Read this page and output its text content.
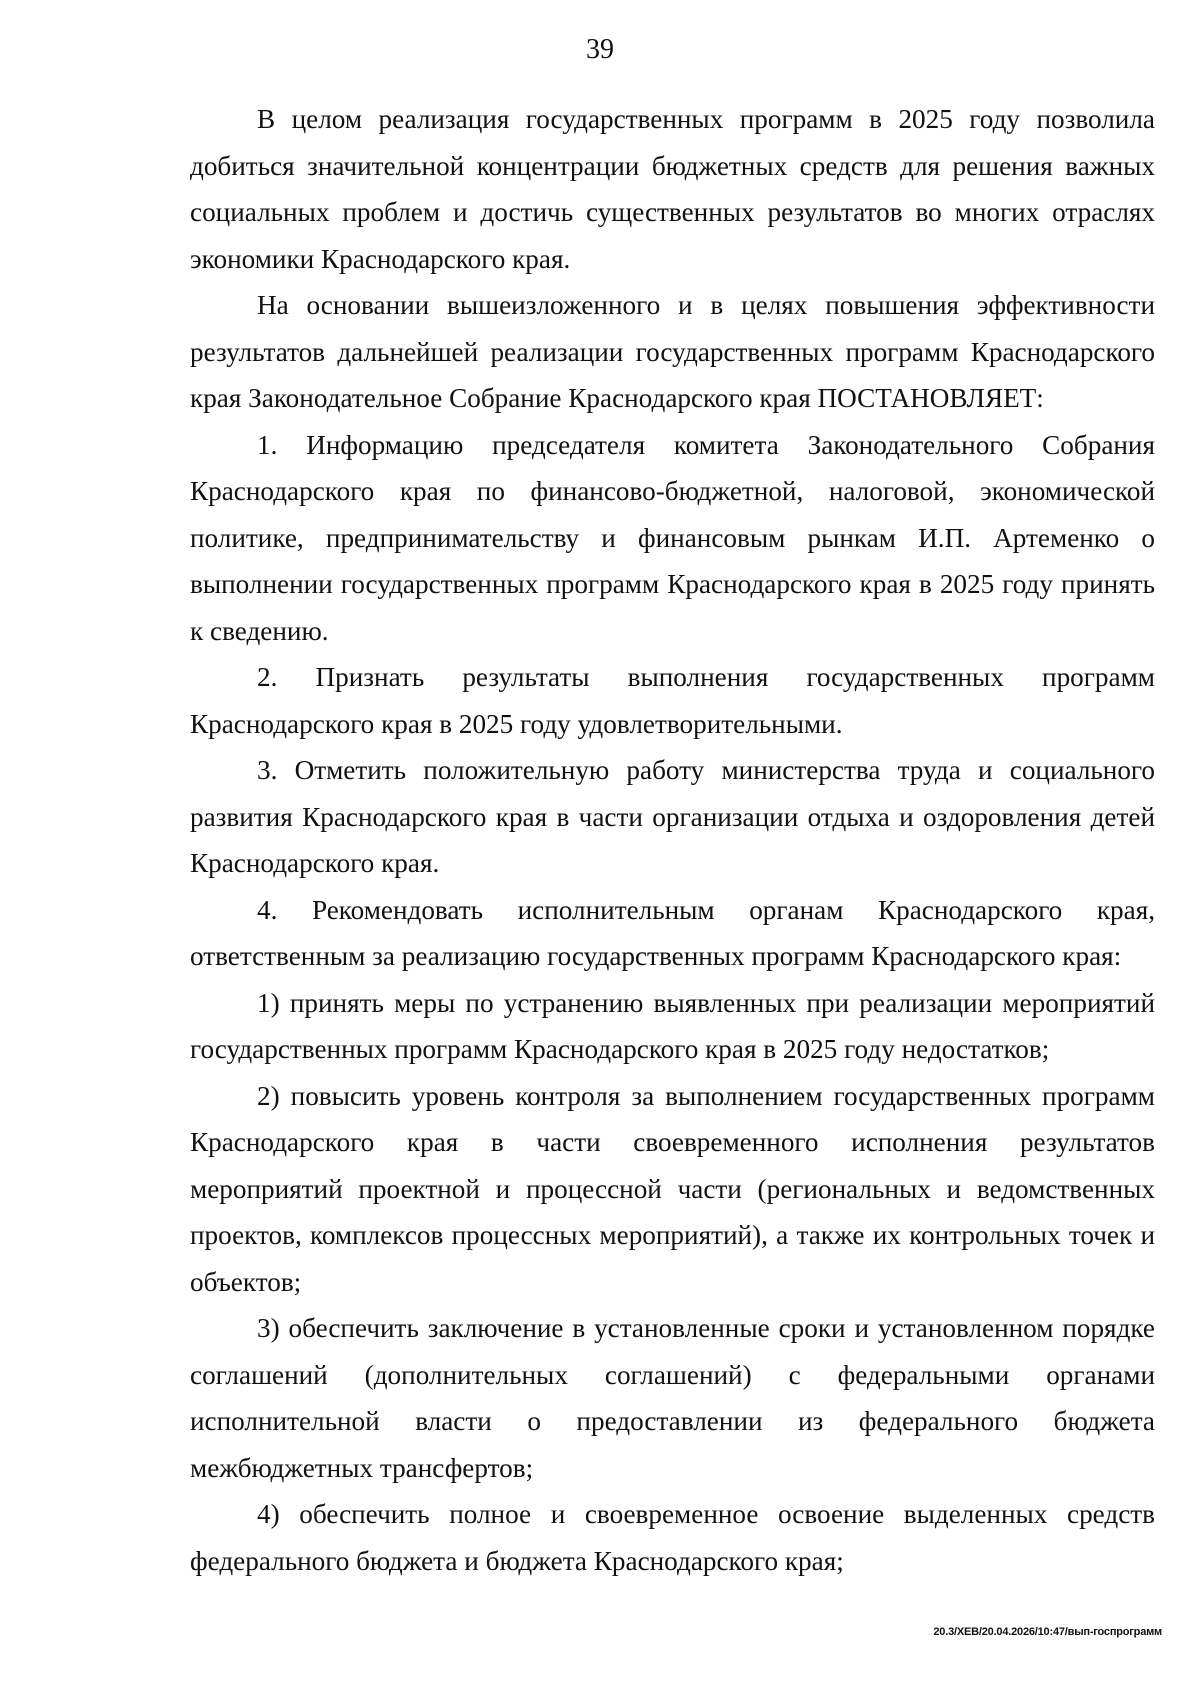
39

В целом реализация государственных программ в 2025 году позволила добиться значительной концентрации бюджетных средств для решения важных социальных проблем и достичь существенных результатов во многих отраслях экономики Краснодарского края.

На основании вышеизложенного и в целях повышения эффективности результатов дальнейшей реализации государственных программ Краснодарского края Законодательное Собрание Краснодарского края ПОСТАНОВЛЯЕТ:

1. Информацию председателя комитета Законодательного Собрания Краснодарского края по финансово-бюджетной, налоговой, экономической политике, предпринимательству и финансовым рынкам И.П. Артеменко о выполнении государственных программ Краснодарского края в 2025 году принять к сведению.

2. Признать результаты выполнения государственных программ Краснодарского края в 2025 году удовлетворительными.

3. Отметить положительную работу министерства труда и социального развития Краснодарского края в части организации отдыха и оздоровления детей Краснодарского края.

4. Рекомендовать исполнительным органам Краснодарского края, ответственным за реализацию государственных программ Краснодарского края:

1) принять меры по устранению выявленных при реализации мероприятий государственных программ Краснодарского края в 2025 году недостатков;

2) повысить уровень контроля за выполнением государственных программ Краснодарского края в части своевременного исполнения результатов мероприятий проектной и процессной части (региональных и ведомственных проектов, комплексов процессных мероприятий), а также их контрольных точек и объектов;

3) обеспечить заключение в установленные сроки и установленном порядке соглашений (дополнительных соглашений) с федеральными органами исполнительной власти о предоставлении из федерального бюджета межбюджетных трансфертов;

4) обеспечить полное и своевременное освоение выделенных средств федерального бюджета и бюджета Краснодарского края;

20.3/ХЕВ/20.04.2026/10:47/вып-госпрограмм
